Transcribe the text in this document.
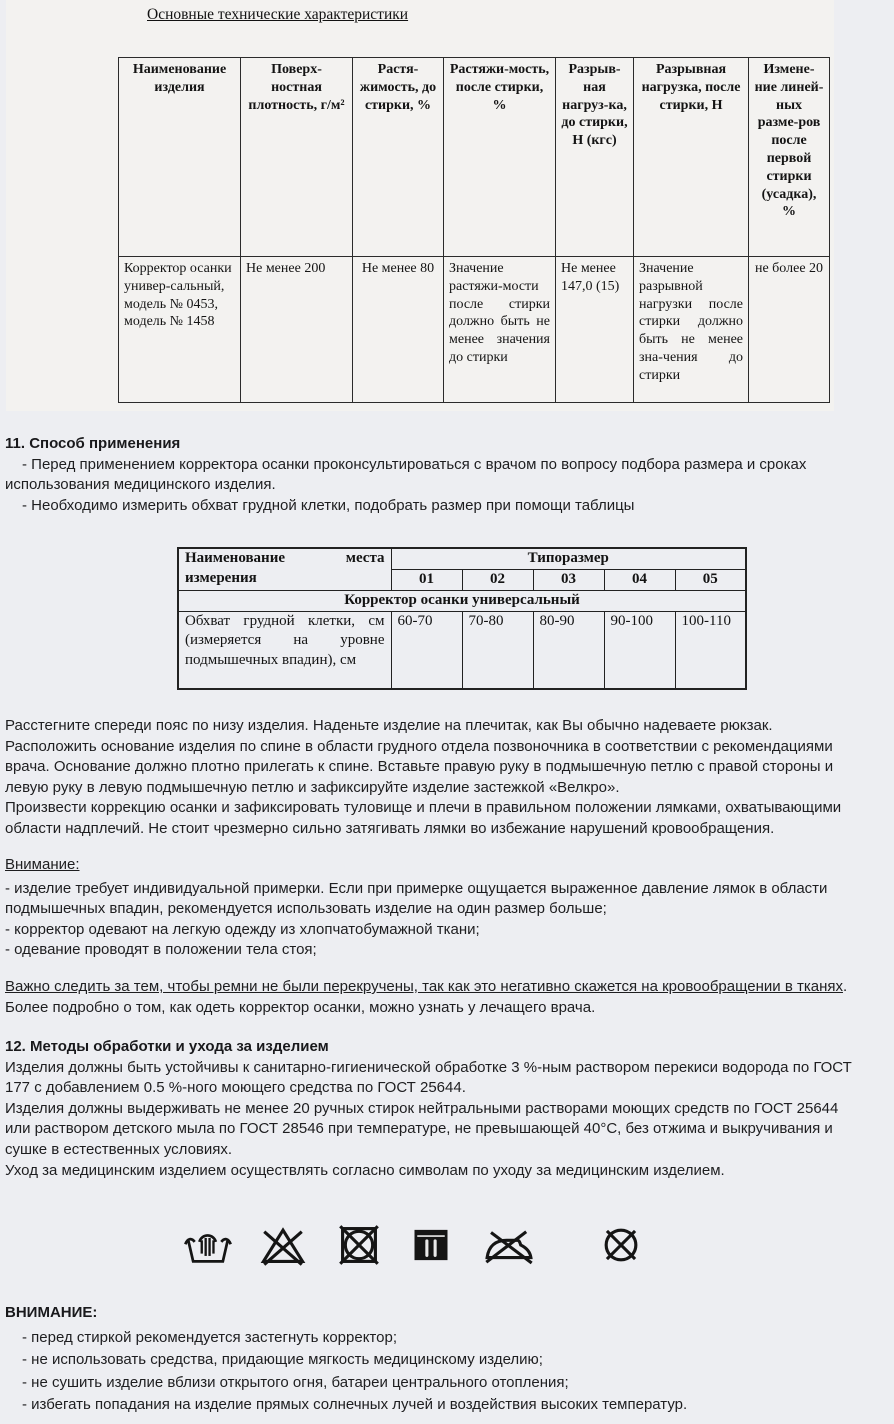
Основные технические характеристики
Наименование изделия	Поверх-ностная плотность, г/м²	Растя-жимость, до стирки, %	Растяжи-мость, после стирки, %	Разрыв-ная нагруз-ка, до стирки, Н (кгс)	Разрывная нагрузка, после стирки, Н	Измене-ние линей-ных разме-ров после первой стирки (усадка), %
Корректор осанки универ-сальный, модель № 0453, модель № 1458	Не менее 200	Не менее 80	Значение растяжи-мости после стирки должно быть не менее значения до стирки	Не менее 147,0 (15)	Значение разрывной нагрузки после стирки должно быть не менее зна-чения до стирки	не более 20

11. Способ применения

- Перед применением корректора осанки проконсультироваться с врачом по вопросу подбора размера и сроках использования медицинского изделия.

- Необходимо измерить обхват грудной клетки, подобрать размер при помощи таблицы

Наименование места измерения	Типоразмер				
	01	02	03	04	05
Корректор осанки универсальный					
Обхват грудной клетки, см (измеряется на уровне подмышечных впадин), см	60-70	70-80	80-90	90-100	100-110

Расстегните спереди пояс по низу изделия. Наденьте изделие на плечитак, как Вы обычно надеваете рюкзак. Расположить основание изделия по спине в области грудного отдела позвоночника в соответствии с рекомендациями врача. Основание должно плотно прилегать к спине. Вставьте правую руку в подмышечную петлю с правой стороны и левую руку в левую подмышечную петлю и зафиксируйте изделие застежкой «Велкро».

Произвести коррекцию осанки и зафиксировать туловище и плечи в правильном положении лямками, охватывающими области надплечий. Не стоит чрезмерно сильно затягивать лямки во избежание нарушений кровообращения.

Внимание:

- изделие требует индивидуальной примерки. Если при примерке ощущается выраженное давление лямок в области подмышечных впадин, рекомендуется использовать изделие на один размер больше;

- корректор одевают на легкую одежду из хлопчатобумажной ткани;

- одевание проводят в положении тела стоя;

Важно следить за тем, чтобы ремни не были перекручены, так как это негативно скажется на кровообращении в тканях.

Более подробно о том, как одеть корректор осанки, можно узнать у лечащего врача.

12. Методы обработки и ухода за изделием

Изделия должны быть устойчивы к санитарно-гигиенической обработке 3 %-ным раствором перекиси водорода по ГОСТ 177 с добавлением 0.5 %-ного моющего средства по ГОСТ 25644.

Изделия должны выдерживать не менее 20 ручных стирок нейтральными растворами моющих средств по ГОСТ 25644 или раствором детского мыла по ГОСТ 28546 при температуре, не превышающей 40°С, без отжима и выкручивания и сушке в естественных условиях.

Уход за медицинским изделием осуществлять согласно символам по уходу за медицинским изделием.

ВНИМАНИЕ:

- перед стиркой рекомендуется застегнуть корректор;

- не использовать средства, придающие мягкость медицинскому изделию;

- не сушить изделие вблизи открытого огня, батареи центрального отопления;

- избегать попадания на изделие прямых солнечных лучей и воздействия высоких температур.
